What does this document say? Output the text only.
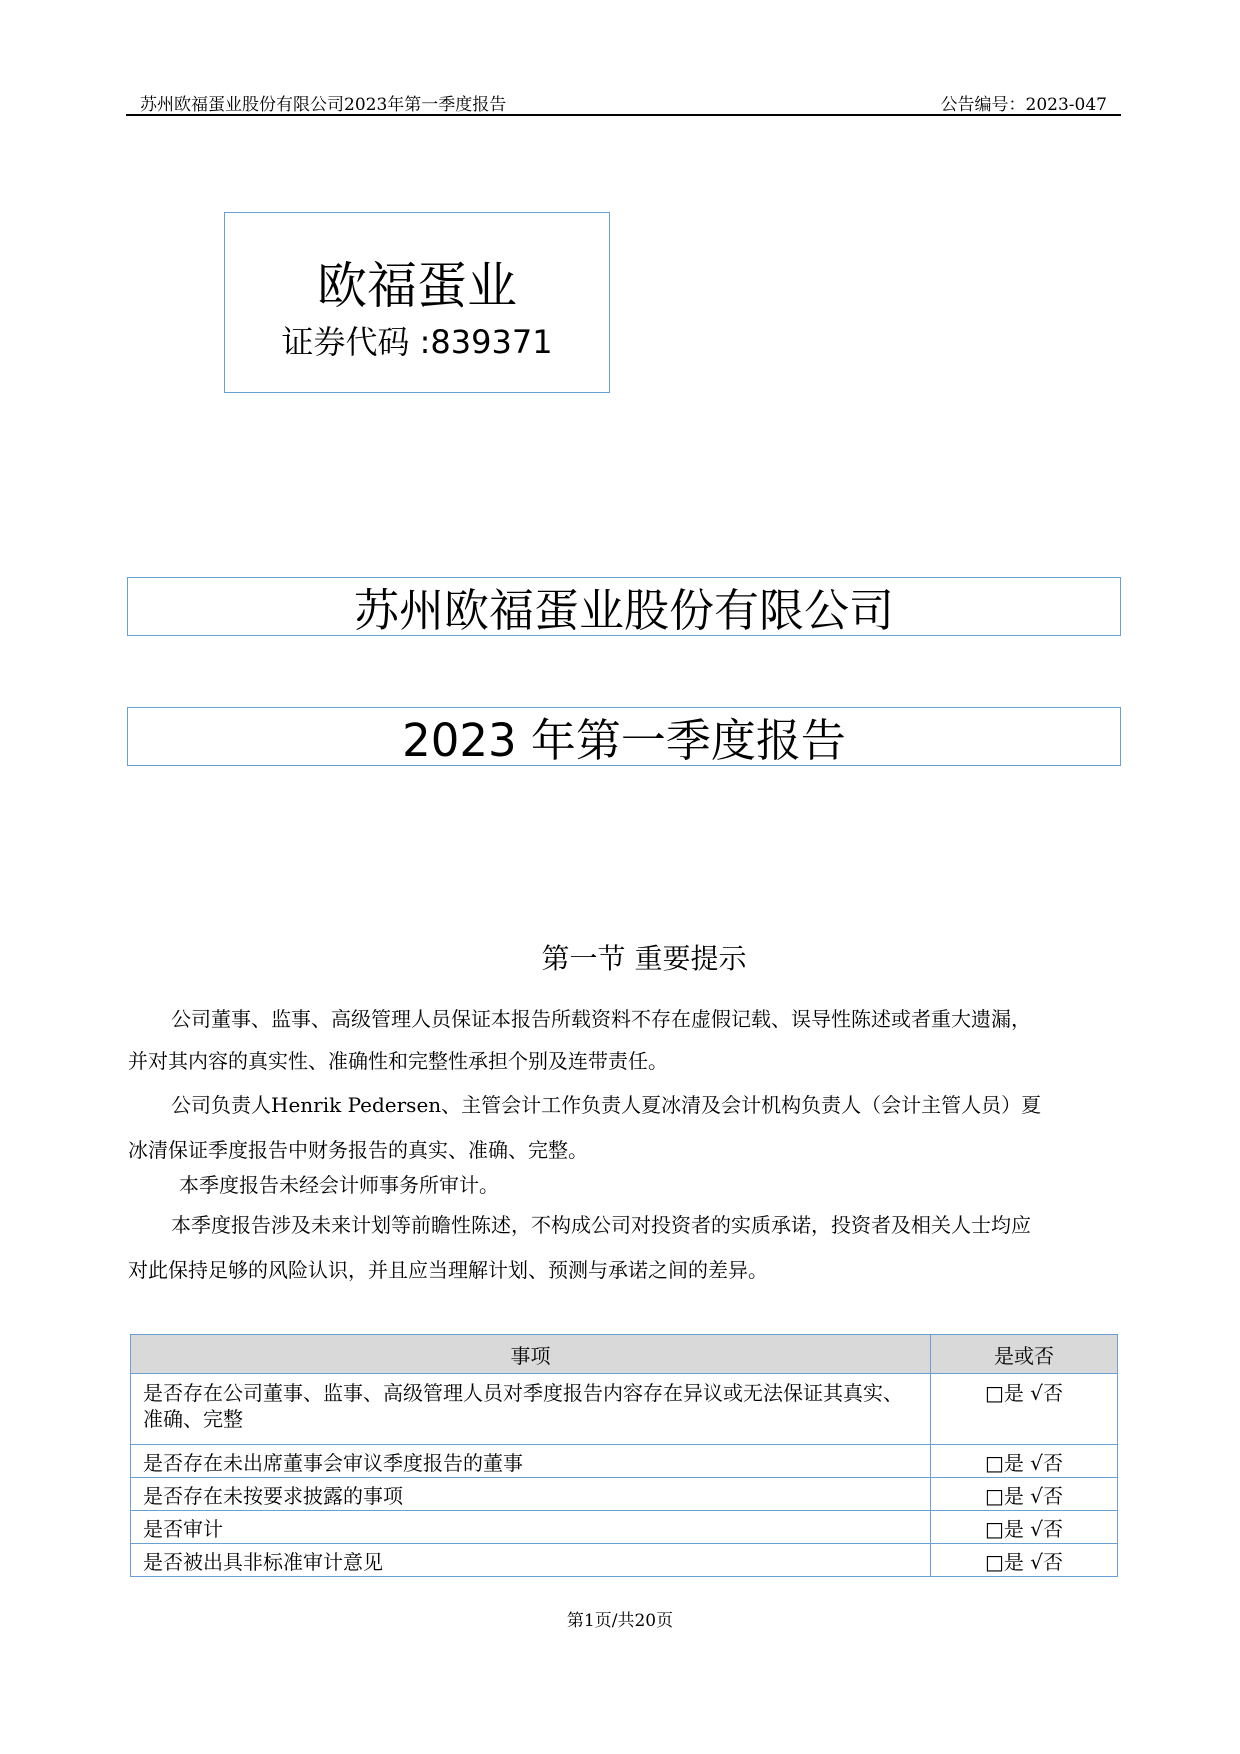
苏州欧福蛋业股份有限公司2023年第一季度报告	公告编号：2023-047
欧福蛋业
证券代码 :839371
苏州欧福蛋业股份有限公司
2023 年第一季度报告
第一节 重要提示
公司董事、监事、高级管理人员保证本报告所载资料不存在虚假记载、误导性陈述或者重大遗漏，
并对其内容的真实性、准确性和完整性承担个别及连带责任。
公司负责人Henrik Pedersen、主管会计工作负责人夏冰清及会计机构负责人（会计主管人员）夏
冰清保证季度报告中财务报告的真实、准确、完整。
本季度报告未经会计师事务所审计。
本季度报告涉及未来计划等前瞻性陈述，不构成公司对投资者的实质承诺，投资者及相关人士均应
对此保持足够的风险认识，并且应当理解计划、预测与承诺之间的差异。
事项	是或否
是否存在公司董事、监事、高级管理人员对季度报告内容存在异议或无法保证其真实、准确、完整	□是 √否
是否存在未出席董事会审议季度报告的董事	□是 √否
是否存在未按要求披露的事项	□是 √否
是否审计	□是 √否
是否被出具非标准审计意见	□是 √否
第1页/共20页
